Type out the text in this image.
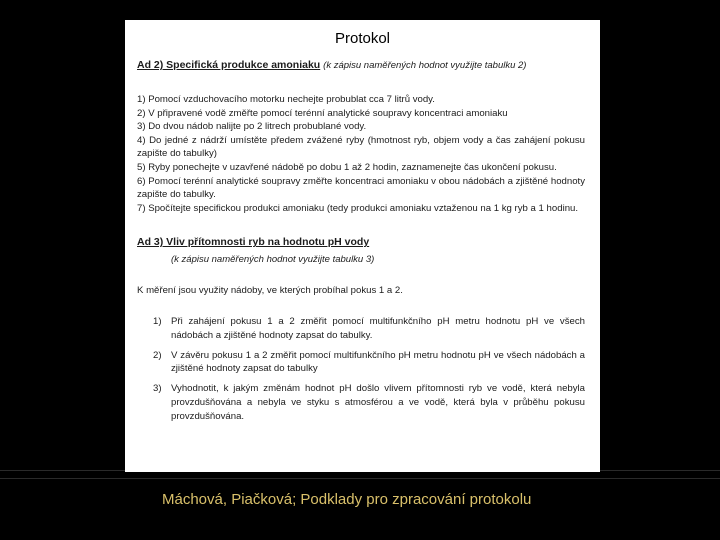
Protokol
Ad 2) Specifická produkce amoniaku (k zápisu naměřených hodnot využijte tabulku 2)
1) Pomocí vzduchovacího motorku nechejte probublat cca 7 litrů vody.
2) V připravené vodě změřte pomocí terénní analytické soupravy koncentraci amoniaku
3) Do dvou nádob nalijte po 2 litrech probublané vody.
4) Do jedné z nádrží umístěte předem zvážené ryby (hmotnost ryb, objem vody a čas zahájení pokusu zapište do tabulky)
5) Ryby ponechejte v uzavřené nádobě po dobu 1 až 2 hodin, zaznamenejte čas ukončení pokusu.
6) Pomocí terénní analytické soupravy změřte koncentraci amoniaku v obou nádobách a zjištěné hodnoty zapište do tabulky.
7) Spočítejte specifickou produkci amoniaku (tedy produkci amoniaku vztaženou na 1 kg ryb a 1 hodinu.
Ad 3) Vliv přítomnosti ryb na hodnotu pH vody
(k zápisu naměřených hodnot využijte tabulku 3)
K měření jsou využity nádoby, ve kterých probíhal pokus 1 a 2.
1) Při zahájení pokusu 1 a 2 změřit pomocí multifunkčního pH metru hodnotu pH ve všech nádobách a zjištěné hodnoty zapsat do tabulky.
2) V závěru pokusu 1 a 2 změřit pomocí multifunkčního pH metru hodnotu pH ve všech nádobách a zjištěné hodnoty zapsat do tabulky
3) Vyhodnotit, k jakým změnám hodnot pH došlo vlivem přítomnosti ryb ve vodě, která nebyla provzdušňována a nebyla ve styku s atmosférou a ve vodě, která byla v průběhu pokusu provzdušňována.
Máchová, Piačková; Podklady pro zpracování protokolu
